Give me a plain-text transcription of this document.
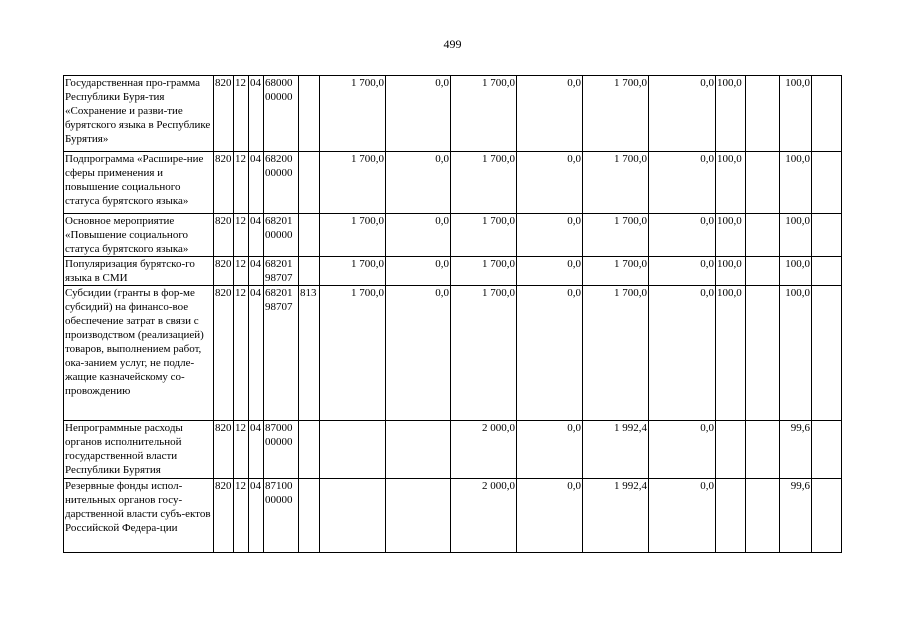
499
Государственная про-грамма Республики Буря-тия «Сохранение и разви-тие бурятского языка в Республике Бурятия»	820	12	04	6800000000		1 700,0	0,0	1 700,0	0,0	1 700,0	0,0	100,0		100,0	
Подпрограмма «Расшире-ние сферы применения и повышение социального статуса бурятского языка»	820	12	04	6820000000		1 700,0	0,0	1 700,0	0,0	1 700,0	0,0	100,0		100,0	
Основное мероприятие «Повышение социального статуса бурятского языка»	820	12	04	6820100000		1 700,0	0,0	1 700,0	0,0	1 700,0	0,0	100,0		100,0	
Популяризация бурятско-го языка в СМИ	820	12	04	6820198707		1 700,0	0,0	1 700,0	0,0	1 700,0	0,0	100,0		100,0	
Субсидии (гранты в фор-ме субсидий) на финансо-вое обеспечение затрат в связи с производством (реализацией) товаров, выполнением работ, ока-занием услуг, не подле-жащие казначейскому со-провождению	820	12	04	6820198707	813	1 700,0	0,0	1 700,0	0,0	1 700,0	0,0	100,0		100,0	
Непрограммные расходы органов исполнительной государственной власти Республики Бурятия	820	12	04	8700000000				2 000,0	0,0	1 992,4	0,0			99,6	
Резервные фонды испол-нительных органов госу-дарственной власти субъ-ектов Российской Федера-ции	820	12	04	8710000000				2 000,0	0,0	1 992,4	0,0			99,6	
